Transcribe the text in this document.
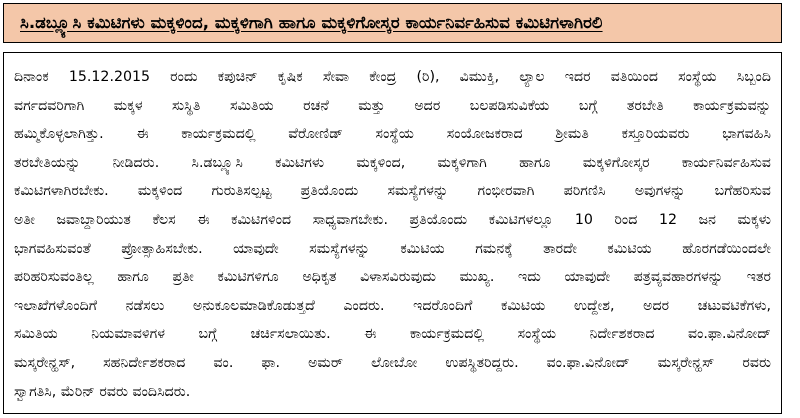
ಸಿ.ಡಬ್ಲ್ಯೂಸಿ ಕಮಿಟಿಗಳು ಮಕ್ಕಳಿಂದ, ಮಕ್ಕಳಿಗಾಗಿ ಹಾಗೂ ಮಕ್ಕಳಿಗೋಸ್ಕರ ಕಾರ್ಯನಿರ್ವಹಿಸುವ ಕಮಿಟಿಗಳಾಗಿರಲಿ
ದಿನಾಂಕ 15.12.2015 ರಂದು ಕಪುಚಿನ್ ಕೃಷಿಕ ಸೇವಾ ಕೇಂದ್ರ (ರಿ), ವಿಮುಕ್ತಿ, ಲ್ಯಾಲ ಇದರ ವತಿಯಿಂದ ಸಂಸ್ಥೆಯ ಸಿಬ್ಬಂದಿ
ವರ್ಗದವರಿಗಾಗಿ ಮಕ್ಕಳ ಸುಸ್ಥಿತಿ ಸಮಿತಿಯ ರಚನೆ ಮತ್ತು ಅದರ ಬಲಪಡಿಸುವಿಕೆಯ ಬಗ್ಗೆ ತರಬೇತಿ ಕಾರ್ಯಕ್ರಮವನ್ನು
ಹಮ್ಮಿಕೊಳ್ಳಲಾಗಿತ್ತು. ಈ ಕಾರ್ಯಕ್ರಮದಲ್ಲಿ ವೆರೋಣಿಡ್ ಸಂಸ್ಥೆಯ ಸಂಯೋಜಕರಾದ ಶ್ರೀಮತಿ ಕಸ್ತೂರಿಯವರು ಭಾಗವಹಿಸಿ
ತರಬೇತಿಯನ್ನು ನೀಡಿದರು. ಸಿ.ಡಬ್ಲ್ಯೂಸಿ ಕಮಿಟಿಗಳು ಮಕ್ಕಳಿಂದ, ಮಕ್ಕಳಿಗಾಗಿ ಹಾಗೂ ಮಕ್ಕಳಿಗೋಸ್ಕರ ಕಾರ್ಯನಿರ್ವಹಿಸುವ
ಕಮಿಟಿಗಳಾಗಿರಬೇಕು. ಮಕ್ಕಳಿಂದ ಗುರುತಿಸಲ್ಪಟ್ಟ ಪ್ರತಿಯೊಂದು ಸಮಸ್ಯೆಗಳನ್ನು ಗಂಭೀರವಾಗಿ ಪರಿಗಣಿಸಿ ಅವುಗಳನ್ನು ಬಗೆಹರಿಸುವ
ಅತೀ ಜವಾಬ್ದಾರಿಯುತ ಕೆಲಸ ಈ ಕಮಿಟಿಗಳಿಂದ ಸಾಧ್ಯವಾಗಬೇಕು. ಪ್ರತಿಯೊಂದು ಕಮಿಟಿಗಳಲ್ಲೂ 10 ರಿಂದ 12 ಜನ ಮಕ್ಕಳು
ಭಾಗವಹಿಸುವಂತೆ ಪ್ರೋತ್ಸಾಹಿಸಬೇಕು. ಯಾವುದೇ ಸಮಸ್ಯೆಗಳನ್ನು ಕಮಿಟಿಯ ಗಮನಕ್ಕೆ ತಾರದೇ ಕಮಿಟಿಯ ಹೊರಗಡೆಯಿಂದಲೇ
ಪರಿಹರಿಸುವಂತಿಲ್ಲ ಹಾಗೂ ಪ್ರತೀ ಕಮಿಟಿಗಳಿಗೂ ಅಧಿಕೃತ ವಿಳಾಸವಿರುವುದು ಮುಖ್ಯ. ಇದು ಯಾವುದೇ ಪತ್ರವ್ಯವಹಾರಗಳನ್ನು ಇತರ
ಇಲಾಖೆಗಳೊಂದಿಗೆ ನಡೆಸಲು ಅನುಕೂಲಮಾಡಿಕೊಡುತ್ತದೆ ಎಂದರು. ಇದರೊಂದಿಗೆ ಕಮಿಟಿಯ ಉದ್ದೇಶ, ಅದರ ಚಟುವಟಿಕೆಗಳು,
ಸಮಿತಿಯ ನಿಯಮಾವಳಿಗಳ ಬಗ್ಗೆ ಚರ್ಚಿಸಲಾಯಿತು. ಈ ಕಾರ್ಯಕ್ರಮದಲ್ಲಿ ಸಂಸ್ಥೆಯ ನಿರ್ದೇಶಕರಾದ ವಂ.ಫಾ.ವಿನೋದ್
ಮಸ್ಕರೇನ್ಹಸ್, ಸಹನಿರ್ದೇಶಕರಾದ ವಂ. ಫಾ. ಅಮರ್ ಲೋಬೋ ಉಪಸ್ಥಿತರಿದ್ದರು. ವಂ.ಫಾ.ವಿನೋದ್ ಮಸ್ಕರೇನ್ಹಸ್ ರವರು
ಸ್ವಾಗತಿಸಿ, ಮೆರಿನ್ ರವರು ವಂದಿಸಿದರು.
